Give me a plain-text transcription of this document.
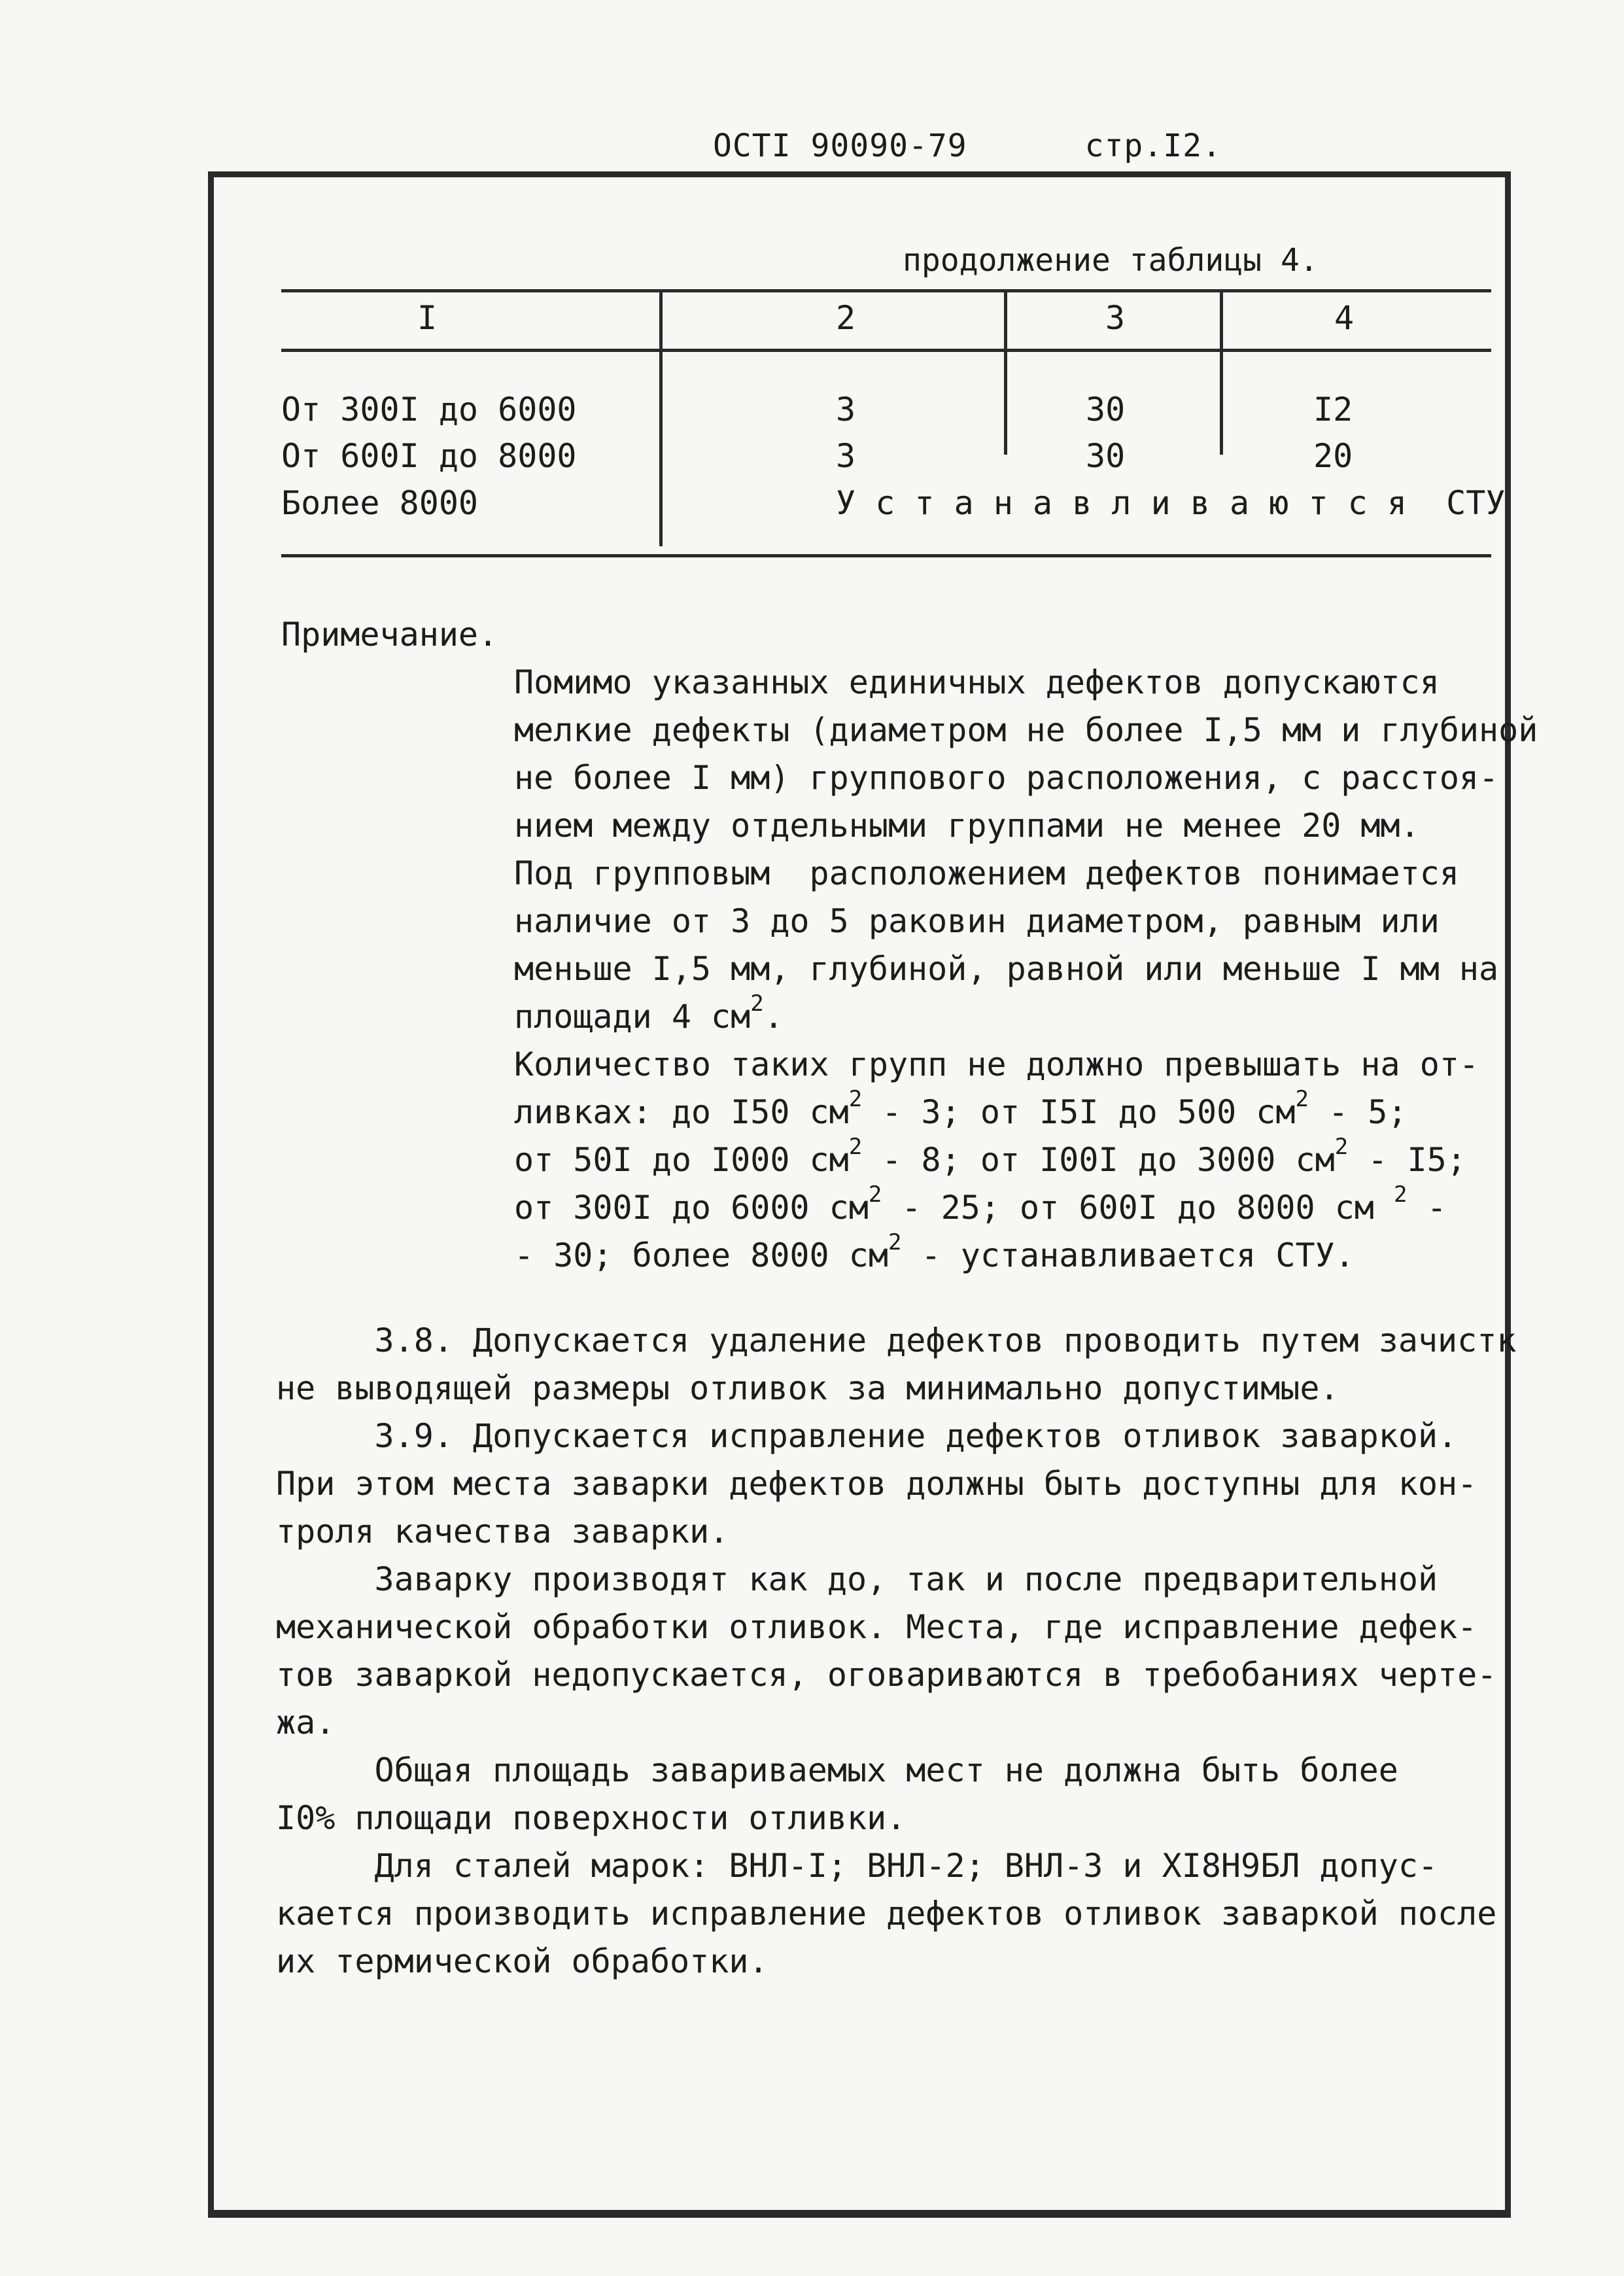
ОСТI 90090-79	стр.I2.
продолжение таблицы 4.
I	2	3	4
От 300I до 6000	3	30	I2
От 600I до 8000	3	30	20
Более 8000	У с т а н а в л и в а ю т с я  СТУ
Примечание.

Помимо указанных единичных дефектов допускаются
мелкие дефекты (диаметром не более I,5 мм и глубиной
не более I мм) группового расположения, с расстоя-
нием между отдельными группами не менее 20 мм.
Под групповым  расположением дефектов понимается
наличие от 3 до 5 раковин диаметром, равным или
меньше I,5 мм, глубиной, равной или меньше I мм на
площади 4 $см^2$.
Количество таких групп не должно превышать на от-
ливках: до I50 $см^2 - 3$; от I5I до 500 $см^2 - 5$;
от 50I до I000 $см^2 - 8$; от I00I до 3000 $см^2 - I5$;
от 300I до 6000 $см^2 - 25$; от 600I до 8000 см $^2$ -
- 30; более 8000 $см^2$ - устанавливается СТУ.

3.8. Допускается удаление дефектов проводить путем зачистк
не выводящей размеры отливок за минимально допустимые.
3.9. Допускается исправление дефектов отливок заваркой.
При этом места заварки дефектов должны быть доступны для кон-
троля качества заварки.
Заварку производят как до, так и после предварительной
механической обработки отливок. Места, где исправление дефек-
тов заваркой недопускается, оговариваются в требобаниях черте-
жа.
Общая площадь завариваемых мест не должна быть более
I0% площади поверхности отливки.
Для сталей марок: ВНЛ-I; ВНЛ-2; ВНЛ-3 и XI8Н9БЛ допус-
кается производить исправление дефектов отливок заваркой после
их термической обработки.
